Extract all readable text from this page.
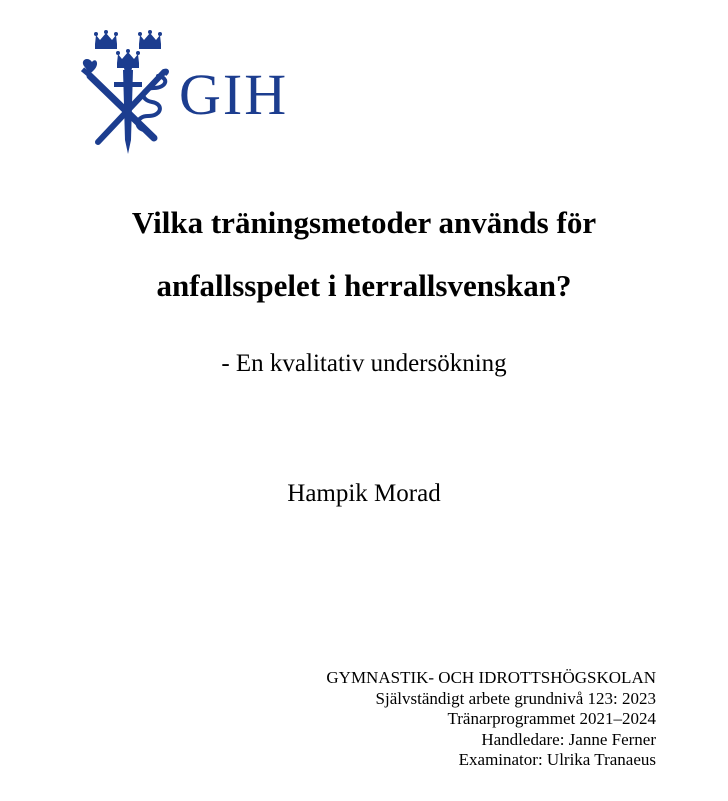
GIH
Vilka träningsmetoder används för
anfallsspelet i herrallsvenskan?
- En kvalitativ undersökning
Hampik Morad
GYMNASTIK- OCH IDROTTSHÖGSKOLAN
Självständigt arbete grundnivå 123: 2023
Tränarprogrammet 2021–2024
Handledare: Janne Ferner
Examinator: Ulrika Tranaeus
